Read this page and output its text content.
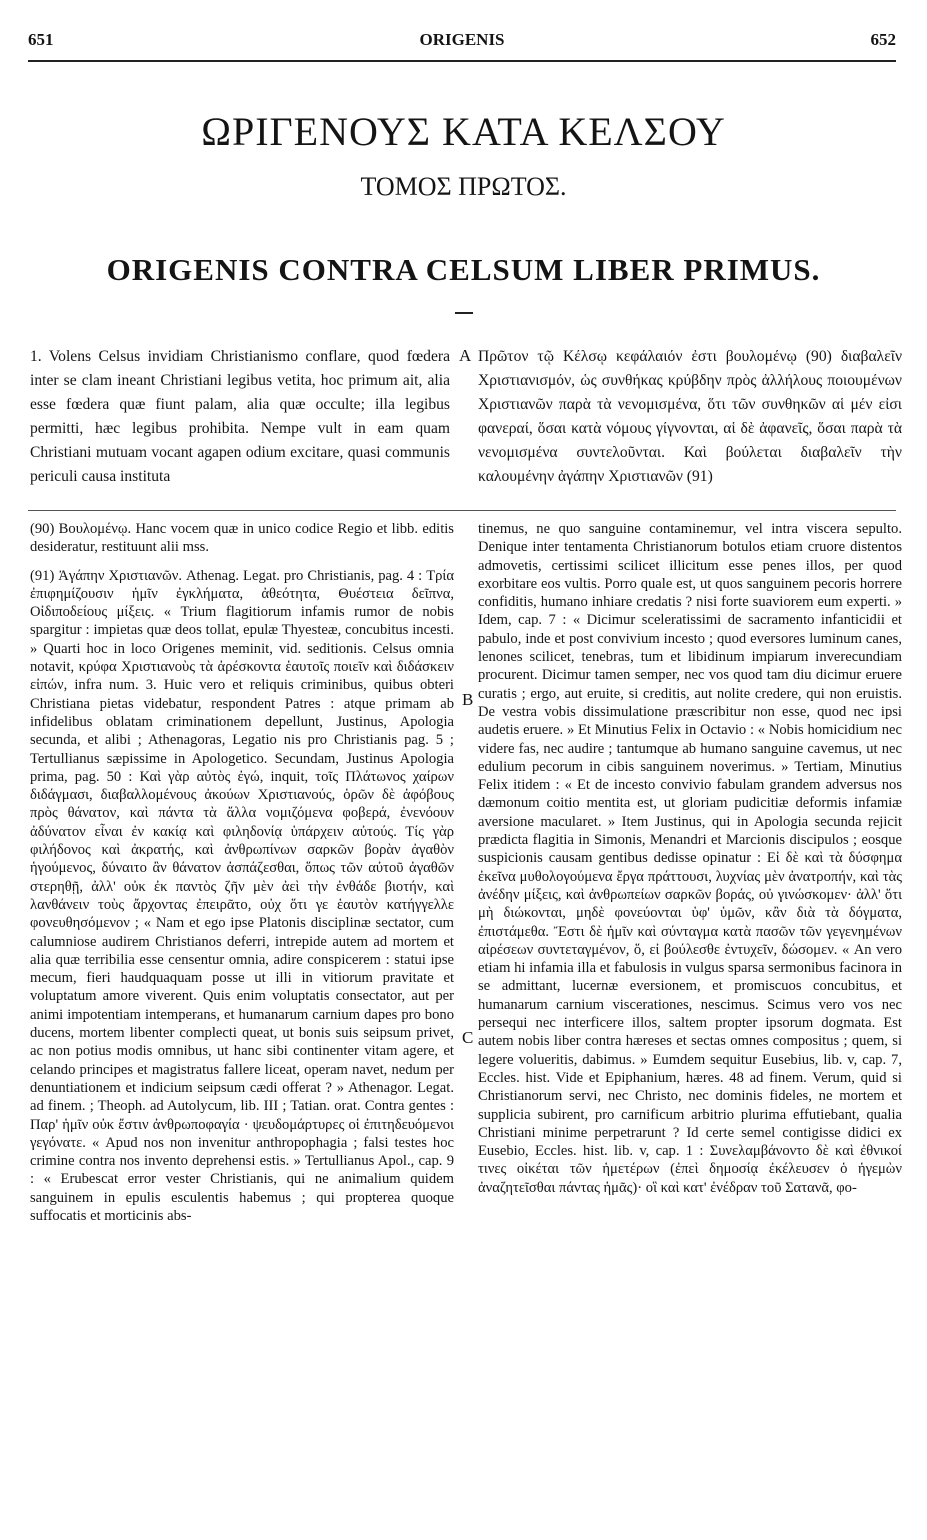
651	ORIGENIS	652
ΩΡΙΓΕΝΟΥΣ ΚΑΤΑ ΚΕΛΣΟΥ
ΤΟΜΟΣ ΠΡΩΤΟΣ.
ORIGENIS CONTRA CELSUM LIBER PRIMUS.

1. Volens Celsus invidiam Christianismo conflare, quod fœdera inter se clam ineant Christiani legibus vetita, hoc primum ait, alia esse fœdera quæ fiunt palam, alia quæ occulte; illa legibus permitti, hæc legibus prohibita. Nempe vult in eam quam Christiani mutuam vocant agapen odium excitare, quasi communis periculi causa instituta

Πρῶτον τῷ Κέλσῳ κεφάλαιόν ἐστι βουλομένῳ (90) διαβαλεῖν Χριστιανισμόν, ὡς συνθήκας κρύβδην πρὸς ἀλλήλους ποιουμένων Χριστιανῶν παρὰ τὰ νενομισμένα, ὅτι τῶν συνθηκῶν αἱ μέν εἰσι φανεραί, ὅσαι κατὰ νόμους γίγνονται, αἱ δὲ ἀφανεῖς, ὅσαι παρὰ τὰ νενομισμένα συντελοῦνται. Καὶ βούλεται διαβαλεῖν τὴν καλουμένην ἀγάπην Χριστιανῶν (91)

A
B
C

(90) Βουλομένῳ. Hanc vocem quæ in unico codice Regio et libb. editis desideratur, restituunt alii mss.

(91) Ἀγάπην Χριστιανῶν. Athenag. Legat. pro Christianis, pag. 4 : Τρία ἐπιφημίζουσιν ἡμῖν ἐγκλήματα, ἀθεότητα, Θυέστεια δεῖπνα, Οἰδιποδείους μίξεις. « Trium flagitiorum infamis rumor de nobis spargitur : impietas quæ deos tollat, epulæ Thyesteæ, concubitus incesti. » Quarti hoc in loco Origenes meminit, vid. seditionis. Celsus omnia notavit, κρύφα Χριστιανοὺς τὰ ἀρέσκοντα ἑαυτοῖς ποιεῖν καὶ διδάσκειν εἰπών, infra num. 3. Huic vero et reliquis criminibus, quibus obteri Christiana pietas videbatur, respondent Patres : atque primam ab infidelibus oblatam criminationem depellunt, Justinus, Apologia secunda, et alibi ; Athenagoras, Legatio nis pro Christianis pag. 5 ; Tertullianus sæpissime in Apologetico. Secundam, Justinus Apologia prima, pag. 50 : Καὶ γὰρ αὐτὸς ἐγώ, inquit, τοῖς Πλάτωνος χαίρων διδάγμασι, διαβαλλομένους ἀκούων Χριστιανούς, ὁρῶν δὲ ἀφόβους πρὸς θάνατον, καὶ πάντα τὰ ἄλλα νομιζόμενα φοβερά, ἐνενόουν ἀδύνατον εἶναι ἐν κακίᾳ καὶ φιληδονίᾳ ὑπάρχειν αὐτούς. Τίς γὰρ φιλήδονος καὶ ἀκρατής, καὶ ἀνθρωπίνων σαρκῶν βορὰν ἀγαθὸν ἡγούμενος, δύναιτο ἂν θάνατον ἀσπάζεσθαι, ὅπως τῶν αὐτοῦ ἀγαθῶν στερηθῇ, ἀλλ' οὐκ ἐκ παντὸς ζῆν μὲν ἀεὶ τὴν ἐνθάδε βιοτήν, καὶ λανθάνειν τοὺς ἄρχοντας ἐπειρᾶτο, οὐχ ὅτι γε ἑαυτὸν κατήγγελλε φονευθησόμενον ; « Nam et ego ipse Platonis disciplinæ sectator, cum calumniose audirem Christianos deferri, intrepide autem ad mortem et alia quæ terribilia esse censentur omnia, adire conspicerem : statui ipse mecum, fieri haudquaquam posse ut illi in vitiorum pravitate et voluptatum amore viverent. Quis enim voluptatis consectator, aut per animi impotentiam intemperans, et humanarum carnium dapes pro bono ducens, mortem libenter complecti queat, ut bonis suis seipsum privet, ac non potius modis omnibus, ut hanc sibi continenter vitam agere, et celando principes et magistratus fallere liceat, operam navet, nedum per denuntiationem et indicium seipsum cædi offerat ? » Athenagor. Legat. ad finem. ; Theoph. ad Autolycum, lib. III ; Tatian. orat. Contra gentes : Παρ' ἡμῖν οὐκ ἔστιν ἀνθρωποφαγία · ψευδομάρτυρες οἱ ἐπιτηδευόμενοι γεγόνατε. « Apud nos non invenitur anthropophagia ; falsi testes hoc crimine contra nos invento deprehensi estis. » Tertullianus Apol., cap. 9 : « Erubescat error vester Christianis, qui ne animalium quidem sanguinem in epulis esculentis habemus ; qui propterea quoque suffocatis et morticinis abs-

tinemus, ne quo sanguine contaminemur, vel intra viscera sepulto. Denique inter tentamenta Christianorum botulos etiam cruore distentos admovetis, certissimi scilicet illicitum esse penes illos, per quod exorbitare eos vultis. Porro quale est, ut quos sanguinem pecoris horrere confiditis, humano inhiare credatis ? nisi forte suaviorem eum experti. » Idem, cap. 7 : « Dicimur sceleratissimi de sacramento infanticidii et pabulo, inde et post convivium incesto ; quod eversores luminum canes, lenones scilicet, tenebras, tum et libidinum impiarum inverecundiam procurent. Dicimur tamen semper, nec vos quod tam diu dicimur eruere curatis ; ergo, aut eruite, si creditis, aut nolite credere, qui non eruistis. De vestra vobis dissimulatione præscribitur non esse, quod nec ipsi audetis eruere. » Et Minutius Felix in Octavio : « Nobis homicidium nec videre fas, nec audire ; tantumque ab humano sanguine cavemus, ut nec edulium pecorum in cibis sanguinem noverimus. » Tertiam, Minutius Felix itidem : « Et de incesto convivio fabulam grandem adversus nos dæmonum coitio mentita est, ut gloriam pudicitiæ deformis infamiæ aversione macularet. » Item Justinus, qui in Apologia secunda rejicit prædicta flagitia in Simonis, Menandri et Marcionis discipulos ; eosque suspicionis causam gentibus dedisse opinatur : Εἰ δὲ καὶ τὰ δύσφημα ἐκεῖνα μυθολογούμενα ἔργα πράττουσι, λυχνίας μὲν ἀνατροπήν, καὶ τὰς ἀνέδην μίξεις, καὶ ἀνθρωπείων σαρκῶν βοράς, οὐ γινώσκομεν· ἀλλ' ὅτι μὴ διώκονται, μηδὲ φονεύονται ὑφ' ὑμῶν, κἂν διὰ τὰ δόγματα, ἐπιστάμεθα. Ἔστι δὲ ἡμῖν καὶ σύνταγμα κατὰ πασῶν τῶν γεγενημένων αἱρέσεων συντεταγμένον, ὅ, εἰ βούλεσθε ἐντυχεῖν, δώσομεν. « An vero etiam hi infamia illa et fabulosis in vulgus sparsa sermonibus facinora in se admittant, lucernæ eversionem, et promiscuos concubitus, et humanarum carnium viscerationes, nescimus. Scimus vero vos nec persequi nec interficere illos, saltem propter ipsorum dogmata. Est autem nobis liber contra hæreses et sectas omnes compositus ; quem, si legere volueritis, dabimus. » Eumdem sequitur Eusebius, lib. v, cap. 7, Eccles. hist. Vide et Epiphanium, hæres. 48 ad finem. Verum, quid si Christianorum servi, nec Christo, nec dominis fideles, ne mortem et supplicia subirent, pro carnificum arbitrio plurima effutiebant, qualia Christiani minime perpetrarunt ? Id certe semel contigisse didici ex Eusebio, Eccles. hist. lib. v, cap. 1 : Συνελαμβάνοντο δὲ καὶ ἐθνικοί τινες οἰκέται τῶν ἡμετέρων (ἐπεὶ δημοσίᾳ ἐκέλευσεν ὁ ἡγεμὼν ἀναζητεῖσθαι πάντας ἡμᾶς)· οἳ καὶ κατ' ἐνέδραν τοῦ Σατανᾶ, φο-
